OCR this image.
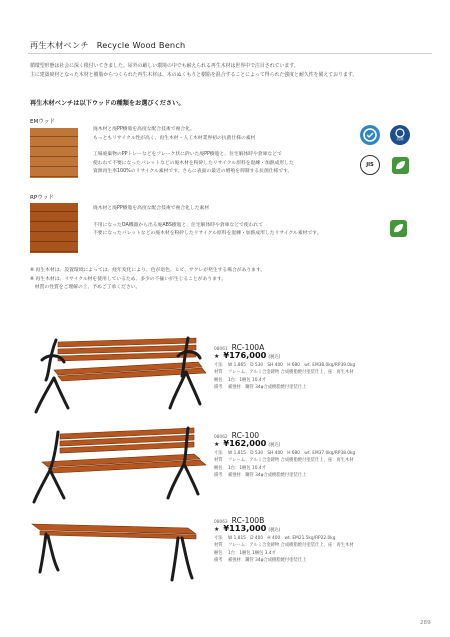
再生木材ベンチ Recycle Wood Bench

循環型形態は社会に深く根付いてきました。屋外の厳しい環境の中でも耐えられる再生木材は世界中で注目されています。

主に建築廃材となった木材と樹脂からつくられた再生木材は、木のぬくもりと樹脂を混合することによって得られた強度と耐久性を備えております。

再生木材ベンチは以下ウッドの種類をお選びください。
EMウッド

廃木材と廃PP樹脂を高度な配合技術で複合化。

もっともリサイクル性が高く、再生木材・人工木材業界初の抗菌仕様の素材

工場廃棄物のPPトレーなどをフレーク状に砕いた廃PP樹脂と、住宅解体時や倉庫などで

使われて不要になったパレットなどの廃木材を粉砕したリサイクル原料を混練・加熱成形した

資源再生率100%のリサイクル素材です。さらに表面の最近の増殖を抑制する抗菌仕様です。

抗菌
JIS
RPウッド

廃木材と廃PP樹脂を高度な配合技術で複合化した素材

不用になったOA機器から出る廃ABS樹脂と、住宅解体時や倉庫などで使われて

不要になったパレットなどの廃木材を粉砕したリサイクル原料を混練・加熱成形したリサイクル素材です。

※ 再生木材は、設置環境によっては、経年変化により、色が退色、ヒビ、サクレが発生する場合があります。

※ 再生木材は、リサイクル材を使用しているため、多少の不揃いが生じることがあります。

　材質の性質をご理解の上、予めご了承ください。

08061 RC-100A
★ ¥176,000 (税込)
寸法	W 1,865　D 530　SH 400　H 680　wt. EM38.0kg/RP39.0kg
材質	フレーム：アルミ合金鋳物 合成樹脂焼付塗装仕上、座：再生木材
梱包	1台：1梱包 10.4才
備考	補強材：鋼管 34φ合成樹脂焼付塗装仕上
08062 RC-100
★ ¥162,000 (税込)
寸法	W 1,815　D 530　SH 400　H 680　wt. EM37.0kg/RP38.0kg
材質	フレーム：アルミ合金鋳物 合成樹脂焼付塗装仕上、座：再生木材
梱包	1台：1梱包 10.4才
備考	補強材：鋼管 34φ合成樹脂焼付塗装仕上
08063 RC-100B
★ ¥113,000 (税込)
寸法	W 1,815　D 400　H 400　wt. EM21.5kg/RP22.0kg
材質	フレーム：アルミ合金鋳物 合成樹脂焼付塗装仕上、座：再生木材
梱包	1台：1梱包 1梱包 3.4才
備考	補強材：鋼管 34φ合成樹脂焼付塗装仕上
289
